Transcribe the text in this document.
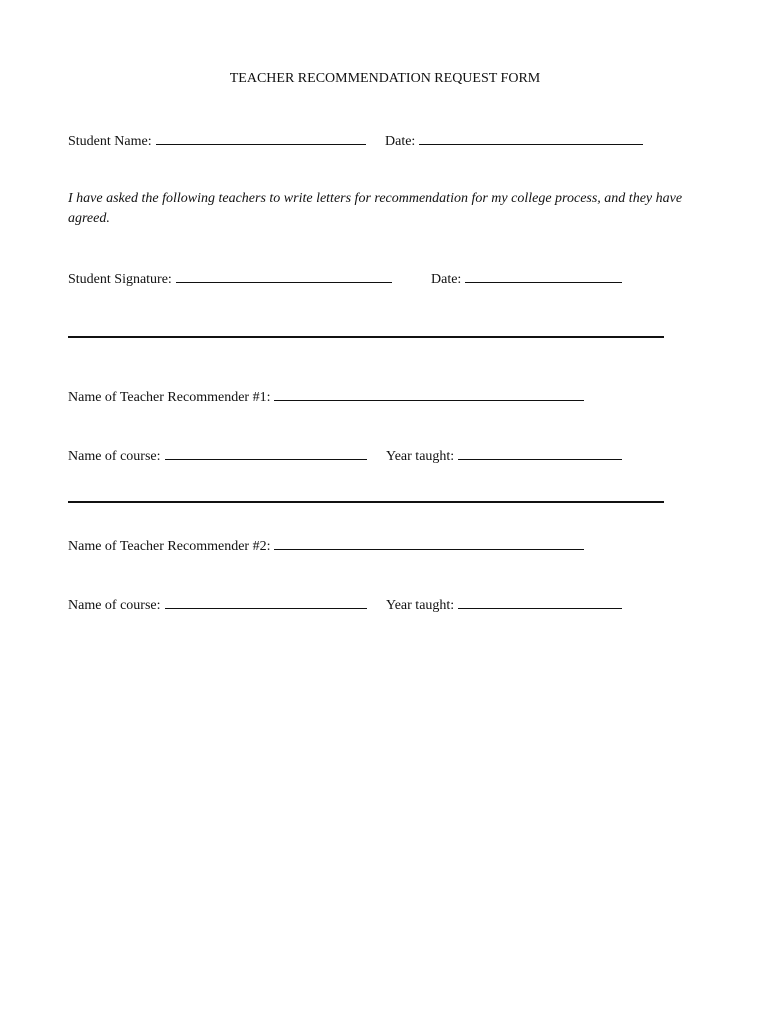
TEACHER RECOMMENDATION REQUEST FORM
Student Name:	Date:
I have asked the following teachers to write letters for recommendation for my college process, and they have agreed.
Student Signature:	Date:
Name of Teacher Recommender #1:
Name of course:	Year taught:
Name of Teacher Recommender #2:
Name of course:	Year taught:
